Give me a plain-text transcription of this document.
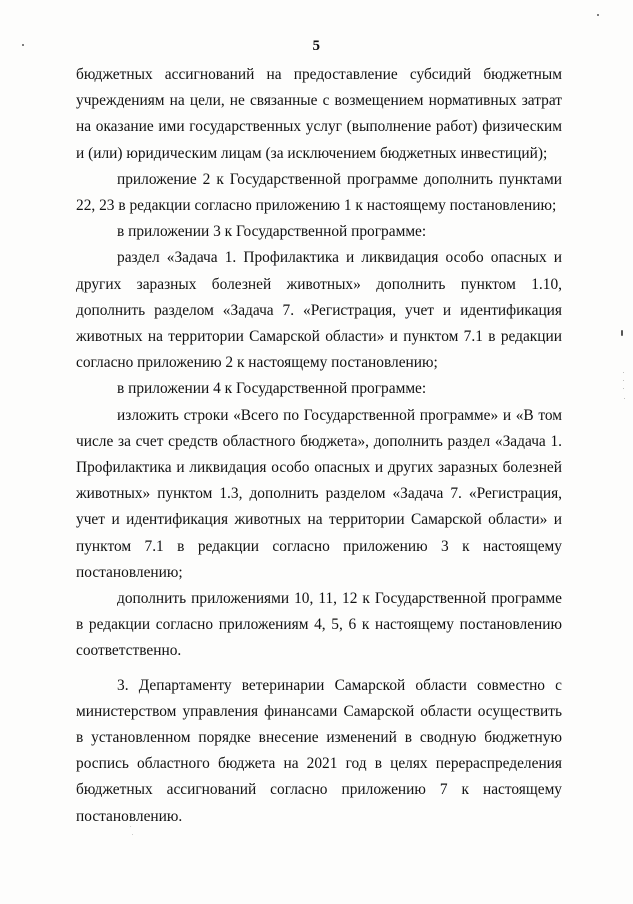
5

бюджетных ассигнований на предоставление субсидий бюджетным учреждениям на цели, не связанные с возмещением нормативных затрат на оказание ими государственных услуг (выполнение работ) физическим и (или) юридическим лицам (за исключением бюджетных инвестиций);

приложение 2 к Государственной программе дополнить пунктами 22, 23 в редакции согласно приложению 1 к настоящему постановлению;

в приложении 3 к Государственной программе:

раздел «Задача 1. Профилактика и ликвидация особо опасных и других заразных болезней животных» дополнить пунктом 1.10, дополнить разделом «Задача 7. «Регистрация, учет и идентификация животных на территории Самарской области» и пунктом 7.1 в редакции согласно приложению 2 к настоящему постановлению;

в приложении 4 к Государственной программе:

изложить строки «Всего по Государственной программе» и «В том числе за счет средств областного бюджета», дополнить раздел «Задача 1. Профилактика и ликвидация особо опасных и других заразных болезней животных» пунктом 1.3, дополнить разделом «Задача 7. «Регистрация, учет и идентификация животных на территории Самарской области» и пунктом 7.1 в редакции согласно приложению 3 к настоящему постановлению;

дополнить приложениями 10, 11, 12 к Государственной программе в редакции согласно приложениям 4, 5, 6 к настоящему постановлению соответственно.

3. Департаменту ветеринарии Самарской области совместно с министерством управления финансами Самарской области осуществить в установленном порядке внесение изменений в сводную бюджетную роспись областного бюджета на 2021 год в целях перераспределения бюджетных ассигнований согласно приложению 7 к настоящему постановлению.
